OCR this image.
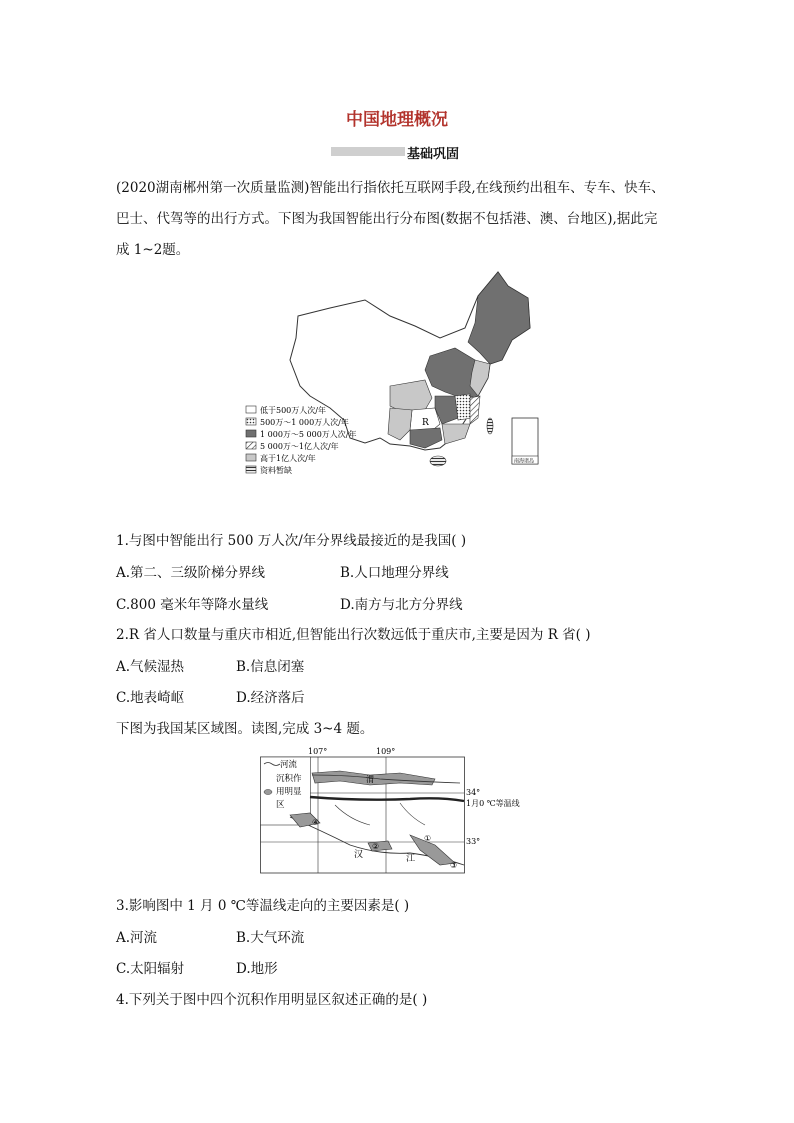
中国地理概况
基础巩固
(2020湖南郴州第一次质量监测)智能出行指依托互联网手段,在线预约出租车、专车、快车、
巴士、代驾等的出行方式。下图为我国智能出行分布图(数据不包括港、澳、台地区),据此完
成 1~2题。
R
南海诸岛
低于500万人次/年
500万～1 000万人次/年
1 000万～5 000万人次/年
5 000万～1亿人次/年
高于1亿人次/年
资料暂缺
1.与图中智能出行 500 万人次/年分界线最接近的是我国( )
A.第二、三级阶梯分界线	B.人口地理分界线
C.800 毫米年等降水量线	D.南方与北方分界线
2.R 省人口数量与重庆市相近,但智能出行次数远低于重庆市,主要是因为 R 省( )
A.气候湿热	B.信息闭塞
C.地表崎岖	D.经济落后
下图为我国某区域图。读图,完成 3~4 题。
河流
沉积作
用明显
区
107°	109°
34°
33°
1月0 ℃等温线
渭
汉	江
④
②
③
①
3.影响图中 1 月 0 ℃等温线走向的主要因素是( )
A.河流	B.大气环流
C.太阳辐射	D.地形
4.下列关于图中四个沉积作用明显区叙述正确的是( )
